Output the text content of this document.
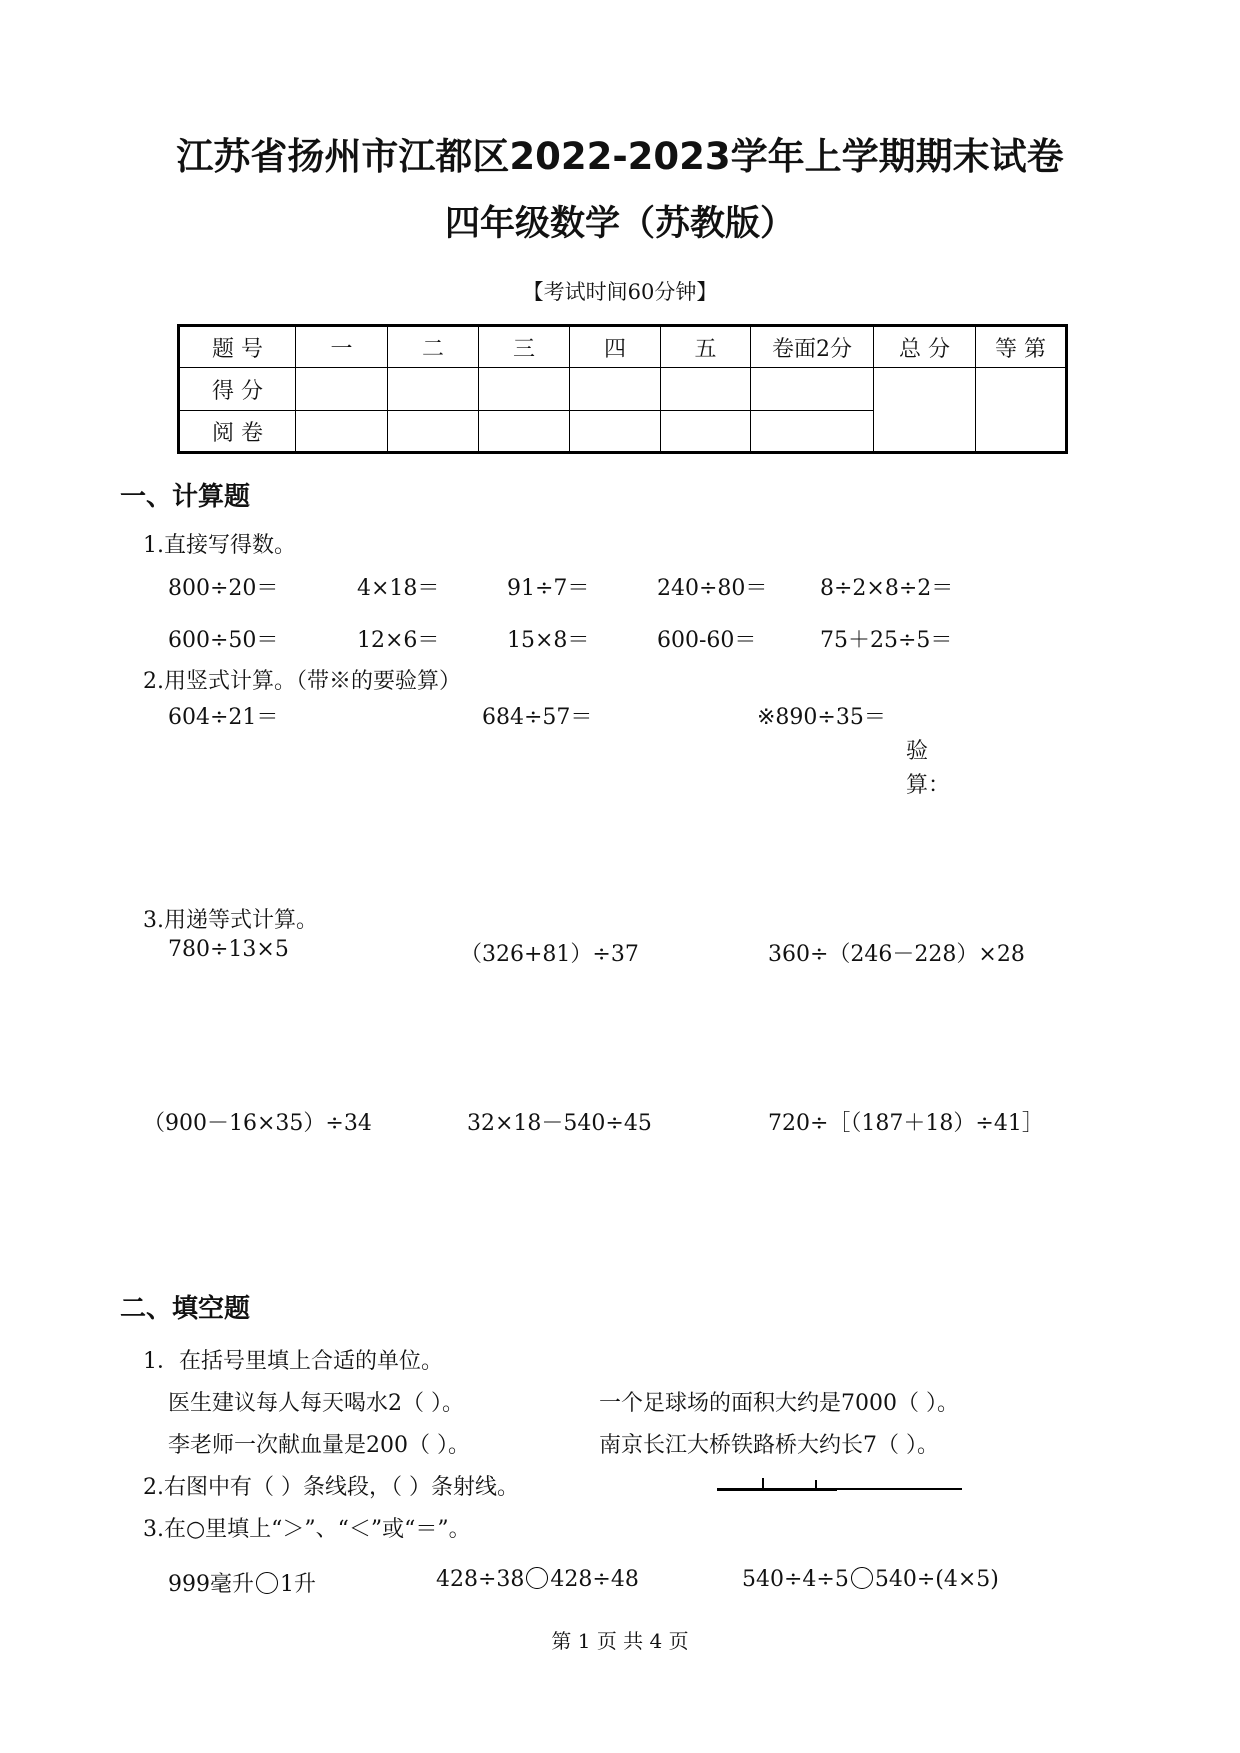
江苏省扬州市江都区2022-2023学年上学期期末试卷
四年级数学（苏教版）
【考试时间60分钟】
题 号	一	二	三	四	五	卷面2分	总 分	等 第
得 分								
阅 卷								
一、计算题
1.直接写得数。
800÷20＝	4×18＝	91÷7＝	240÷80＝ 8÷2×8÷2＝
600÷50＝	12×6＝	15×8＝	600-60＝	75＋25÷5＝
2.用竖式计算。（带※的要验算）
604÷21＝	684÷57＝	※890÷35＝
验
算：
3.用递等式计算。
780÷13×5	（326+81）÷37	360÷（246－228）×28
（900－16×35）÷34	32×18－540÷45	720÷［（187＋18）÷41］
二、填空题
1．在括号里填上合适的单位。
医生建议每人每天喝水2（ ）。	一个足球场的面积大约是7000（ ）。
李老师一次献血量是200（ ）。	南京长江大桥铁路桥大约长7（ ）。
2.右图中有（ ）条线段，（ ）条射线。
3.在○里填上“＞”、“＜”或“＝”。
999毫升 1升	428÷38 428÷48	540÷4÷5 540÷(4×5)
第 1 页 共 4 页
